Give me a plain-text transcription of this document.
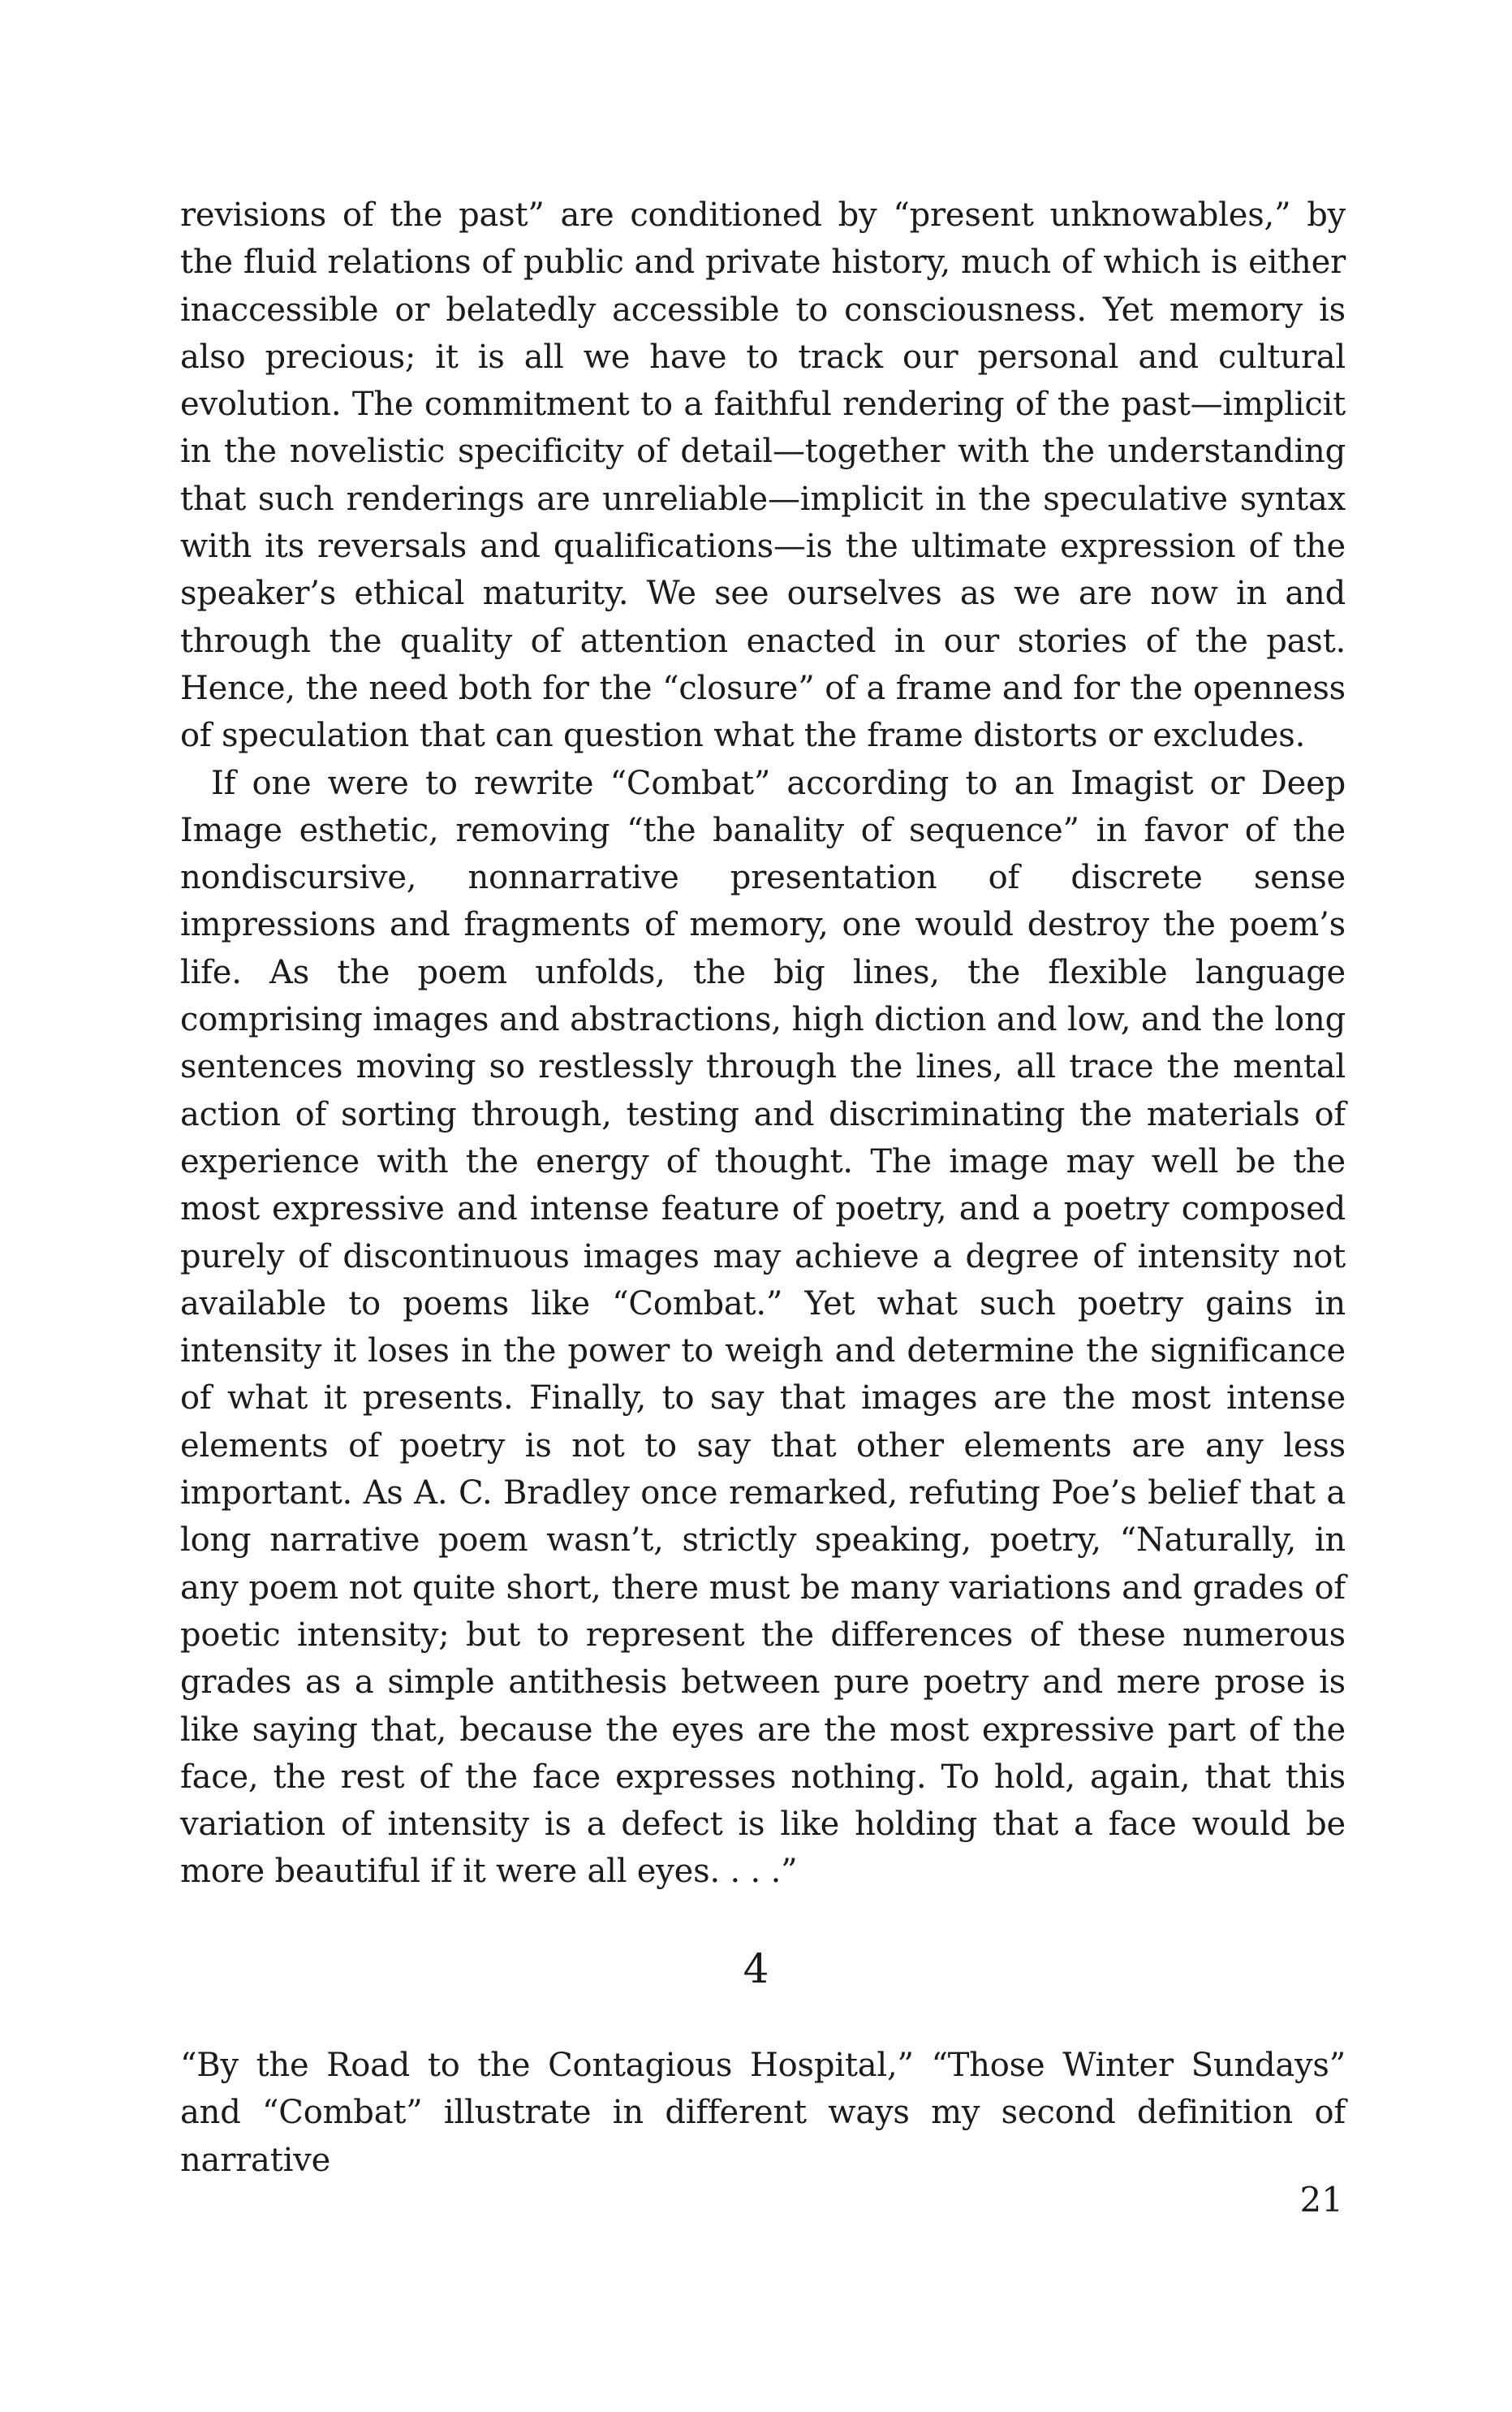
revisions of the past” are conditioned by “present unknowables,” by the fluid relations of public and private history, much of which is either inaccessible or belatedly accessible to consciousness. Yet memory is also precious; it is all we have to track our personal and cultural evolution. The commitment to a faithful rendering of the past—implicit in the novelistic specificity of detail—together with the understanding that such renderings are unreliable—implicit in the speculative syntax with its reversals and qualifications—is the ultimate expression of the speaker’s ethical maturity. We see ourselves as we are now in and through the quality of attention enacted in our stories of the past. Hence, the need both for the “closure” of a frame and for the openness of speculation that can question what the frame distorts or excludes.

If one were to rewrite “Combat” according to an Imagist or Deep Image esthetic, removing “the banality of sequence” in favor of the nondiscursive, nonnarrative presentation of discrete sense impressions and fragments of memory, one would destroy the poem’s life. As the poem unfolds, the big lines, the flexible language comprising images and abstractions, high diction and low, and the long sentences moving so restlessly through the lines, all trace the mental action of sorting through, testing and discriminating the materials of experience with the energy of thought. The image may well be the most expressive and intense feature of poetry, and a poetry composed purely of discontinuous images may achieve a degree of intensity not available to poems like “Combat.” Yet what such poetry gains in intensity it loses in the power to weigh and determine the significance of what it presents. Finally, to say that images are the most intense elements of poetry is not to say that other elements are any less important. As A. C. Bradley once remarked, refuting Poe’s belief that a long narrative poem wasn’t, strictly speaking, poetry, “Naturally, in any poem not quite short, there must be many variations and grades of poetic intensity; but to represent the differences of these numerous grades as a simple antithesis between pure poetry and mere prose is like saying that, because the eyes are the most expressive part of the face, the rest of the face expresses nothing. To hold, again, that this variation of intensity is a defect is like holding that a face would be more beautiful if it were all eyes. . . .”

4

“By the Road to the Contagious Hospital,” “Those Winter Sundays” and “Combat” illustrate in different ways my second definition of narrative

21
